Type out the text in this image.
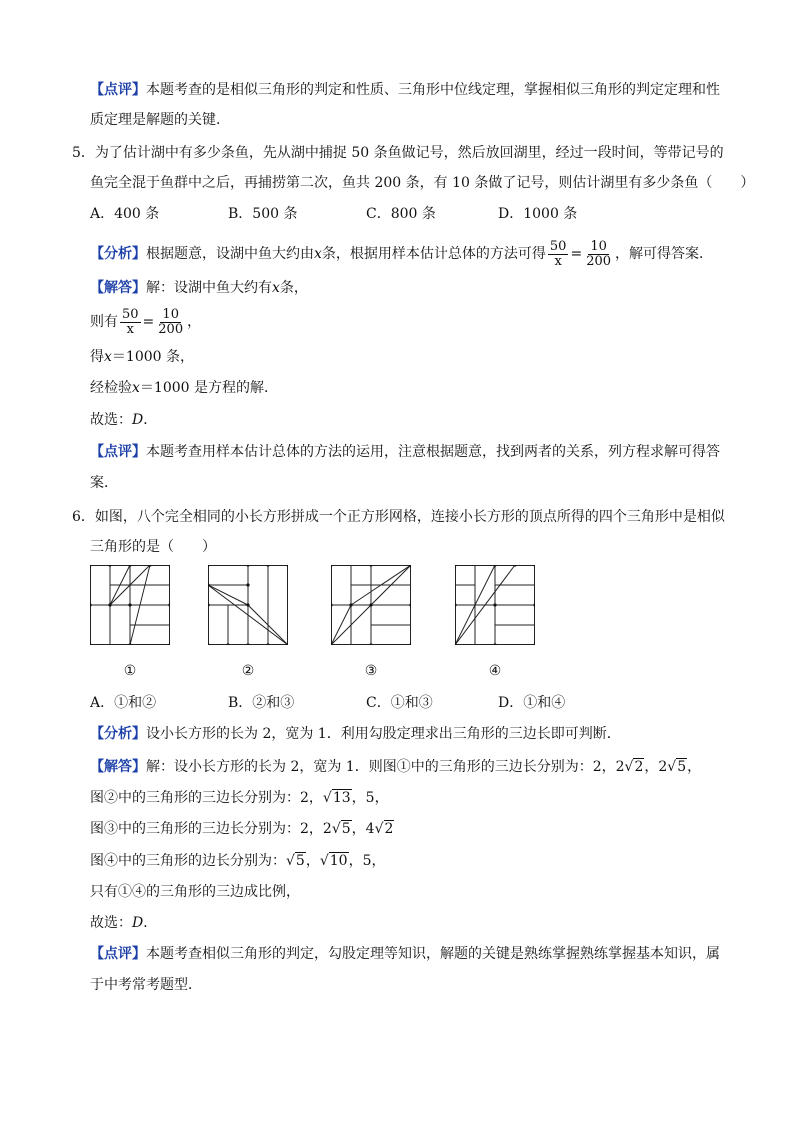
【点评】本题考查的是相似三角形的判定和性质、三角形中位线定理，掌握相似三角形的判定定理和性
质定理是解题的关键．
5．为了估计湖中有多少条鱼，先从湖中捕捉 50 条鱼做记号，然后放回湖里，经过一段时间，等带记号的
鱼完全混于鱼群中之后，再捕捞第二次，鱼共 200 条，有 10 条做了记号，则估计湖里有多少条鱼（　　）
A．400 条	B．500 条	C．800 条	D．1000 条
【分析】根据题意，设湖中鱼大约由x条，根据用样本估计总体的方法可得 $\frac{50}{x} = \frac{10}{200}$ ，解可得答案．
【解答】解：设湖中鱼大约有x条，
则有 $\frac{50}{x} = \frac{10}{200}$ ，
得x＝1000 条，
经检验x＝1000 是方程的解．
故选：D．
【点评】本题考查用样本估计总体的方法的运用，注意根据题意，找到两者的关系，列方程求解可得答
案．
6．如图，八个完全相同的小长方形拼成一个正方形网格，连接小长方形的顶点所得的四个三角形中是相似
三角形的是（　　）
①	②	③	④
A．①和②	B．②和③	C．①和③	D．①和④
【分析】设小长方形的长为 2，宽为 1．利用勾股定理求出三角形的三边长即可判断．
【解答】解：设小长方形的长为 2，宽为 1．则图①中的三角形的三边长分别为：2，2√2，2√5，
图②中的三角形的三边长分别为：2，√13，5，
图③中的三角形的三边长分别为：2，2√5，4√2
图④中的三角形的边长分别为：√5，√10，5，
只有①④的三角形的三边成比例，
故选：D．
【点评】本题考查相似三角形的判定，勾股定理等知识，解题的关键是熟练掌握熟练掌握基本知识，属
于中考常考题型．
